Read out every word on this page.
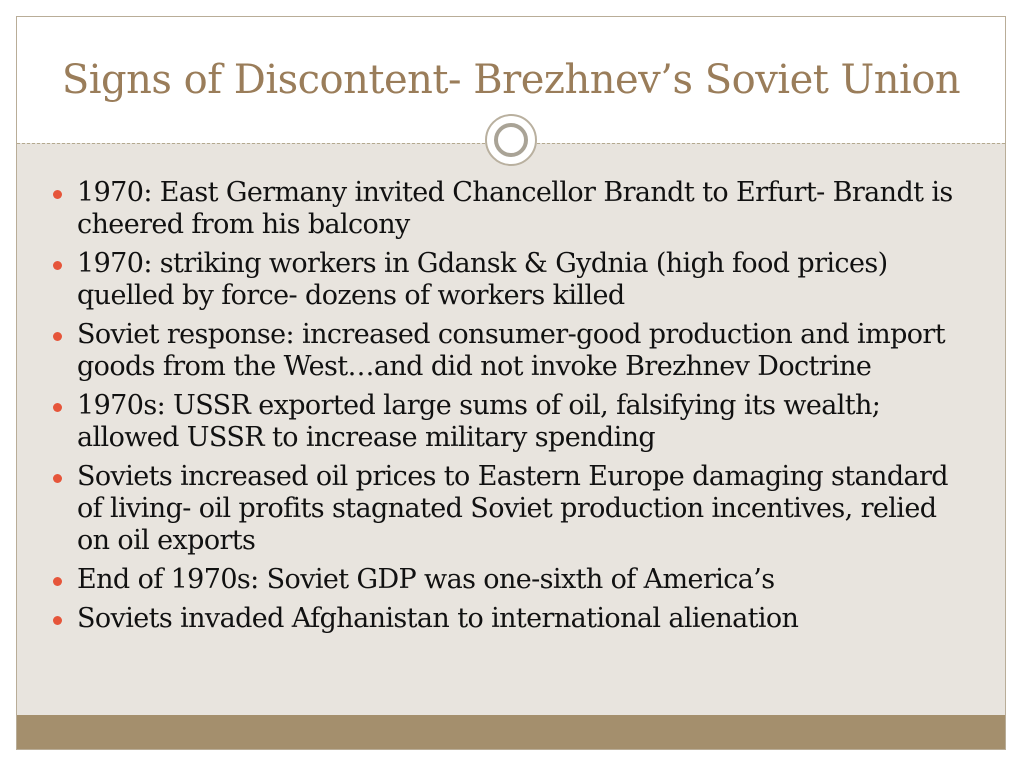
Signs of Discontent- Brezhnev’s Soviet Union
1970: East Germany invited Chancellor Brandt to Erfurt- Brandt is cheered from his balcony
1970: striking workers in Gdansk & Gydnia (high food prices) quelled by force- dozens of workers killed
Soviet response: increased consumer-good production and import goods from the West…and did not invoke Brezhnev Doctrine
1970s: USSR exported large sums of oil, falsifying its wealth; allowed USSR to increase military spending
Soviets increased oil prices to Eastern Europe damaging standard of living- oil profits stagnated Soviet production incentives, relied on oil exports
End of 1970s: Soviet GDP was one-sixth of America’s
Soviets invaded Afghanistan to international alienation
